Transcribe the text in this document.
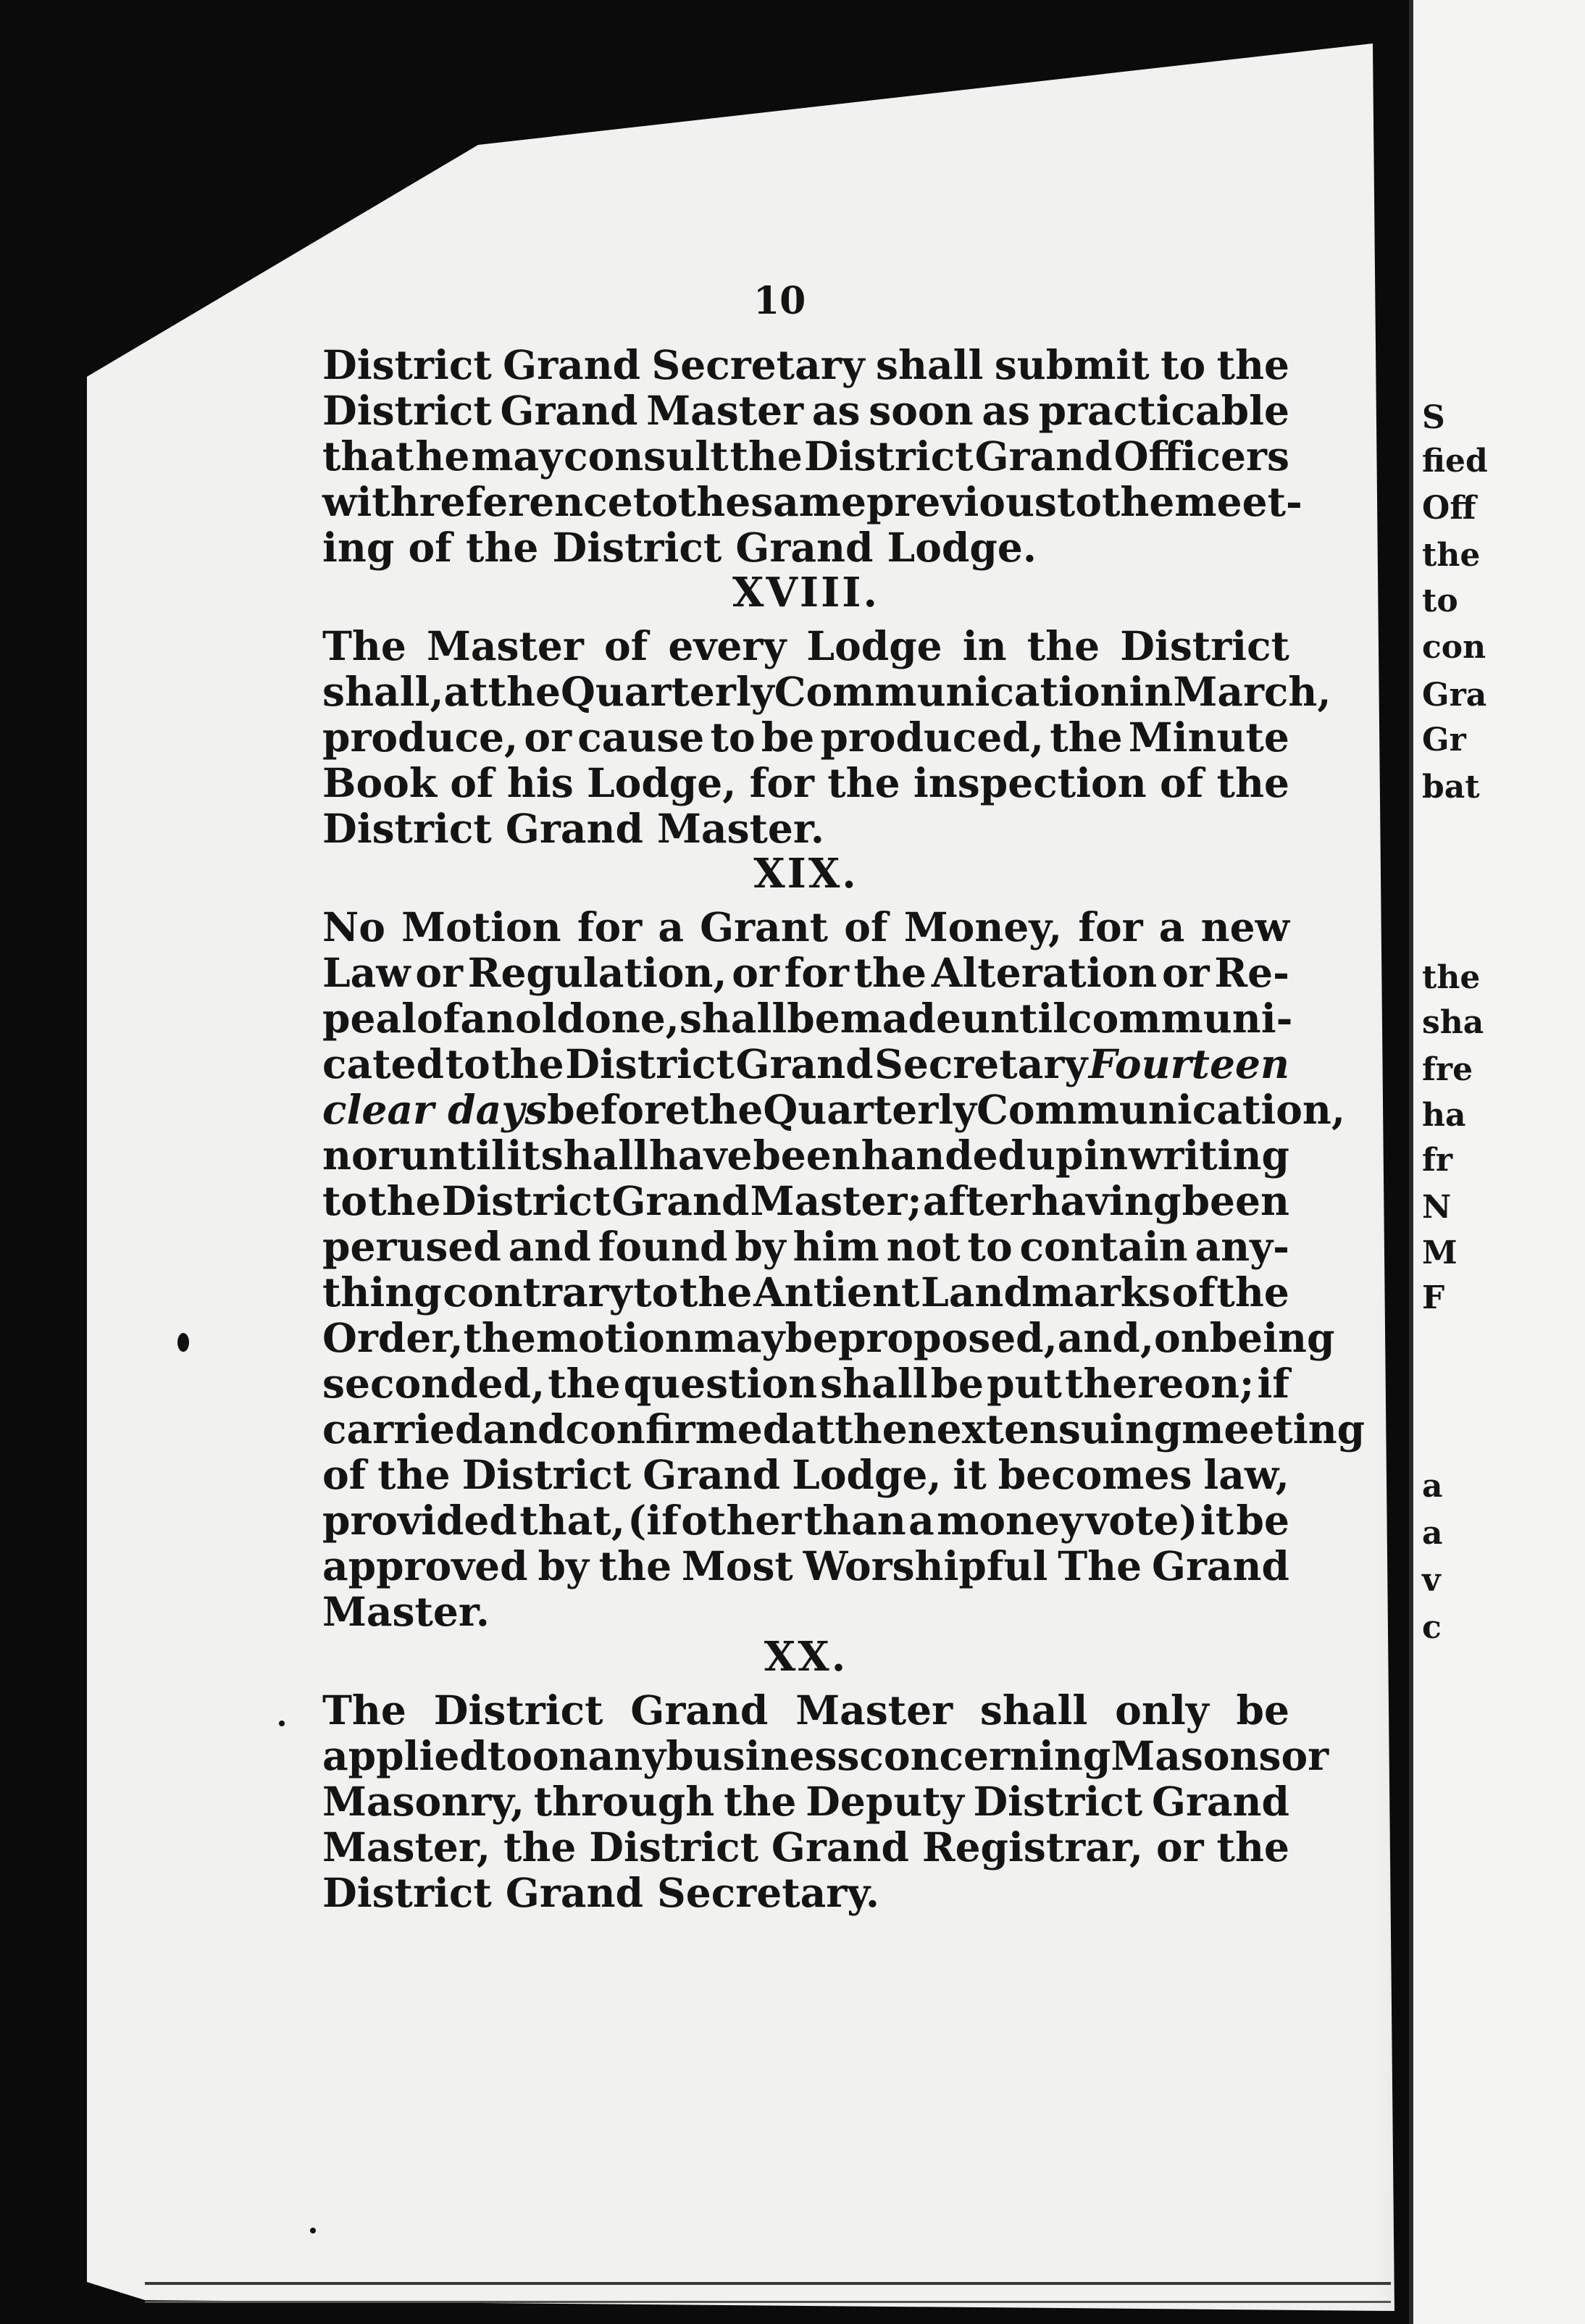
S
fied
Off
the
to
con
Gra
Gr
bat
the
sha
fre
ha
fr
N
M
F
a
a
v
c
District Grand Secretary shall submit to the
District Grand Master as soon as practicable
that he may consult the District Grand Officers
with reference to the same previous to the meet-
ing of the District Grand Lodge.
XVIII.
The Master of every Lodge in the District
shall, at the Quarterly Communication in March,
produce, or cause to be produced, the Minute
Book of his Lodge, for the inspection of the
District Grand Master.
XIX.
No Motion for a Grant of Money, for a new
Law or Regulation, or for the Alteration or Re-
peal of an old one, shall be made until communi-
cated to the District Grand Secretary Fourteen
clear days before the Quarterly Communication,
nor until it shall have been handed up in writing
to the District Grand Master; after having been
perused and found by him not to contain any-
thing contrary to the Antient Landmarks of the
Order, the motion may be proposed, and, on being
seconded, the question shall be put thereon; if
carried and confirmed at the next ensuing meeting
of the District Grand Lodge, it becomes law,
provided that, (if other than a money vote) it be
approved by the Most Worshipful The Grand
Master.
XX.
The District Grand Master shall only be
applied to on any business concerning Masons or
Masonry, through the Deputy District Grand
Master, the District Grand Registrar, or the
District Grand Secretary.
10
